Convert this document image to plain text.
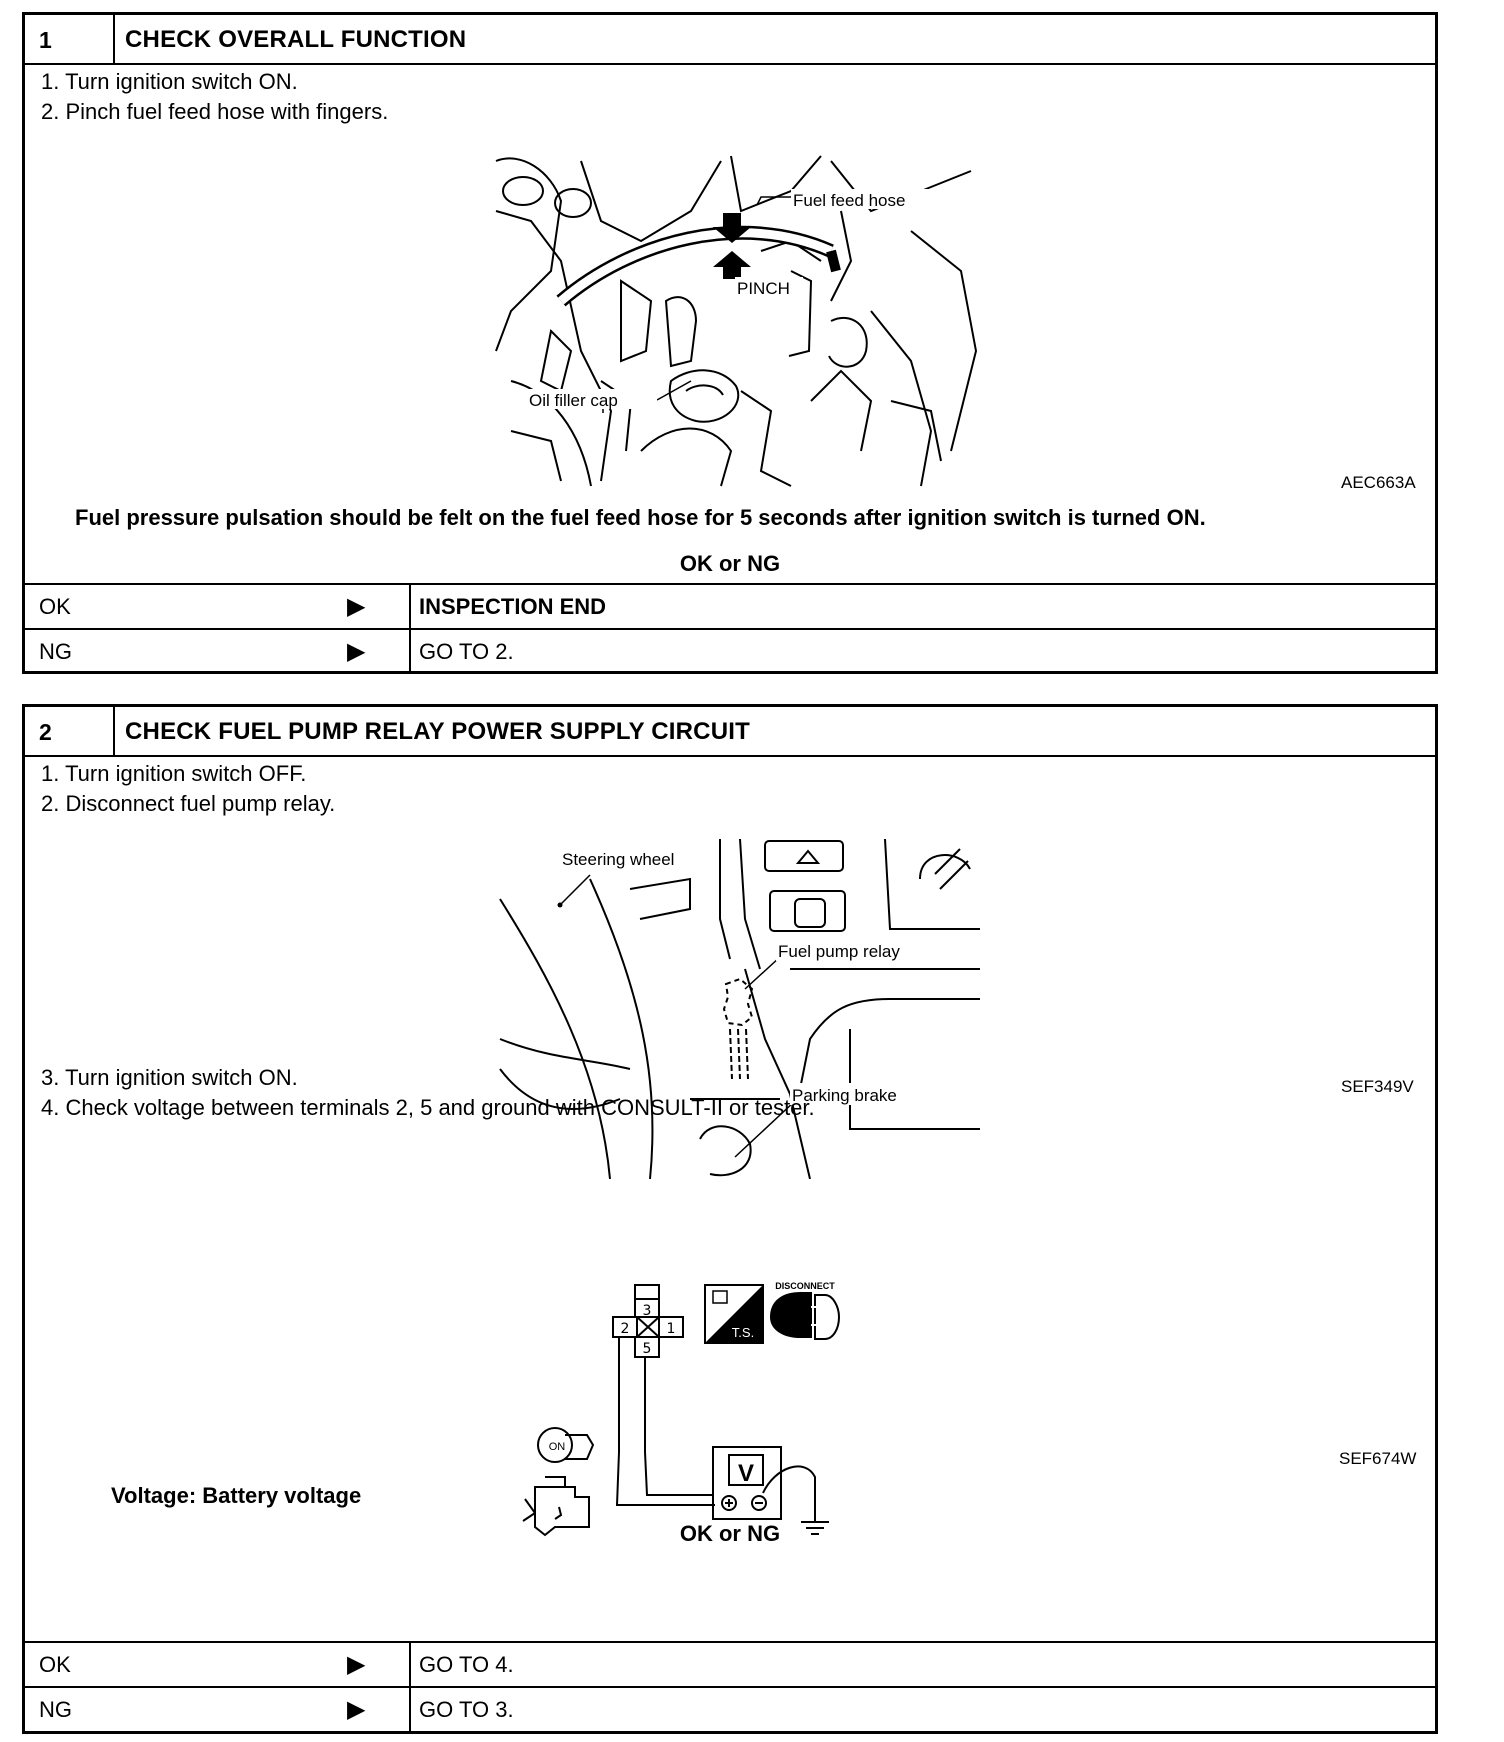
1	CHECK OVERALL FUNCTION
1. Turn ignition switch ON.
2. Pinch fuel feed hose with fingers.
Fuel feed hose
PINCH
Oil filler cap
AEC663A
Fuel pressure pulsation should be felt on the fuel feed hose for 5 seconds after ignition switch is turned ON.
OK or NG
OK	▶	INSPECTION END
NG	▶	GO TO 2.
2	CHECK FUEL PUMP RELAY POWER SUPPLY CIRCUIT
1. Turn ignition switch OFF.
2. Disconnect fuel pump relay.
Steering wheel
Fuel pump relay
Parking brake	SEF349V
3. Turn ignition switch ON.
4. Check voltage between terminals 2, 5 and ground with CONSULT-II or tester.
3
2	1
5
T.S.
DISCONNECT
ON
V
SEF674W
Voltage: Battery voltage
OK or NG
OK	▶	GO TO 4.
NG	▶	GO TO 3.
